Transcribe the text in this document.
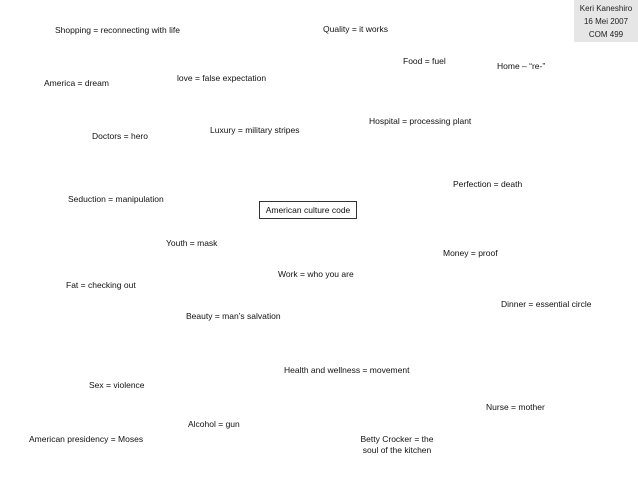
Keri Kaneshiro
16 Mei 2007
COM 499
American culture code
Shopping = reconnecting with life	Quality = it works
Food = fuel	Home – “re-”
love = false expectation
America = dream
Hospital = processing plant
Luxury = military stripes
Doctors = hero
Perfection = death
Seduction = manipulation
Youth = mask
Money = proof
Work = who you are
Fat = checking out
Dinner = essential circle
Beauty = man’s salvation
Health and wellness = movement
Sex = violence
Nurse = mother
Alcohol = gun
American presidency = Moses	Betty Crocker = the
soul of the kitchen
